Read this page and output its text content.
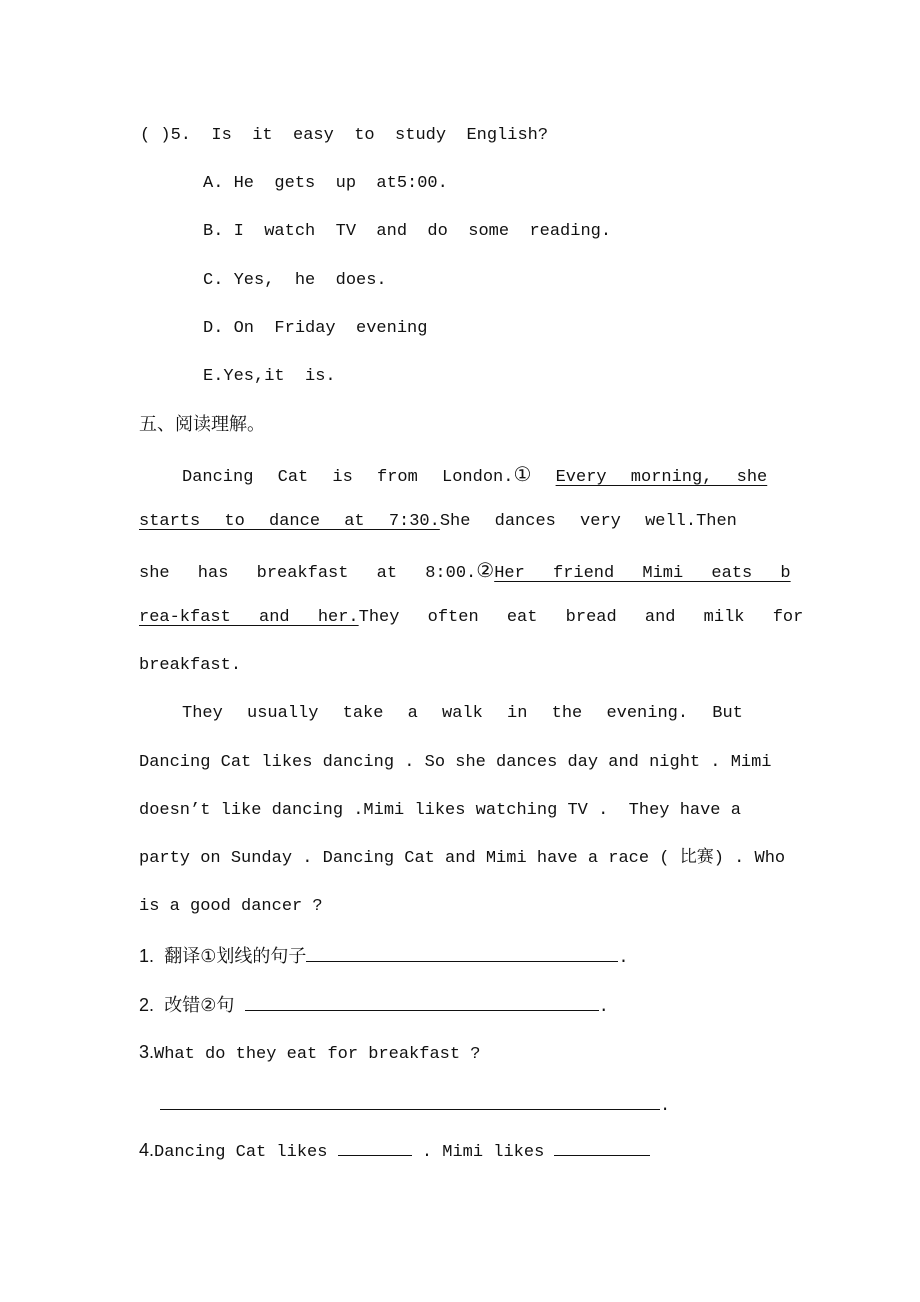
( )5.  Is  it  easy  to  study  English?
A. He  gets  up  at5:00.
B. I  watch  TV  and  do  some  reading.
C. Yes,  he  does.
D. On  Friday  evening
E.Yes,it  is.
五、阅读理解。
Dancing Cat is from London.① Every morning, she
starts to dance at 7:30.She dances very well.Then
she has breakfast at 8:00.②Her friend Mimi eats b
rea-kfast and her.They often eat bread and milk for
breakfast.
They usually take a walk in the evening. But
Dancing Cat likes dancing . So she dances day and night . Mimi
doesn’t like dancing .Mimi likes watching TV .  They have a
party on Sunday . Dancing Cat and Mimi have a race ( 比赛) . Who
is a good dancer ?
1. 翻译①划线的句子	.
2. 改错②句	.
3.What do they eat for breakfast ?
.
4.Dancing Cat likes	. Mimi likes
